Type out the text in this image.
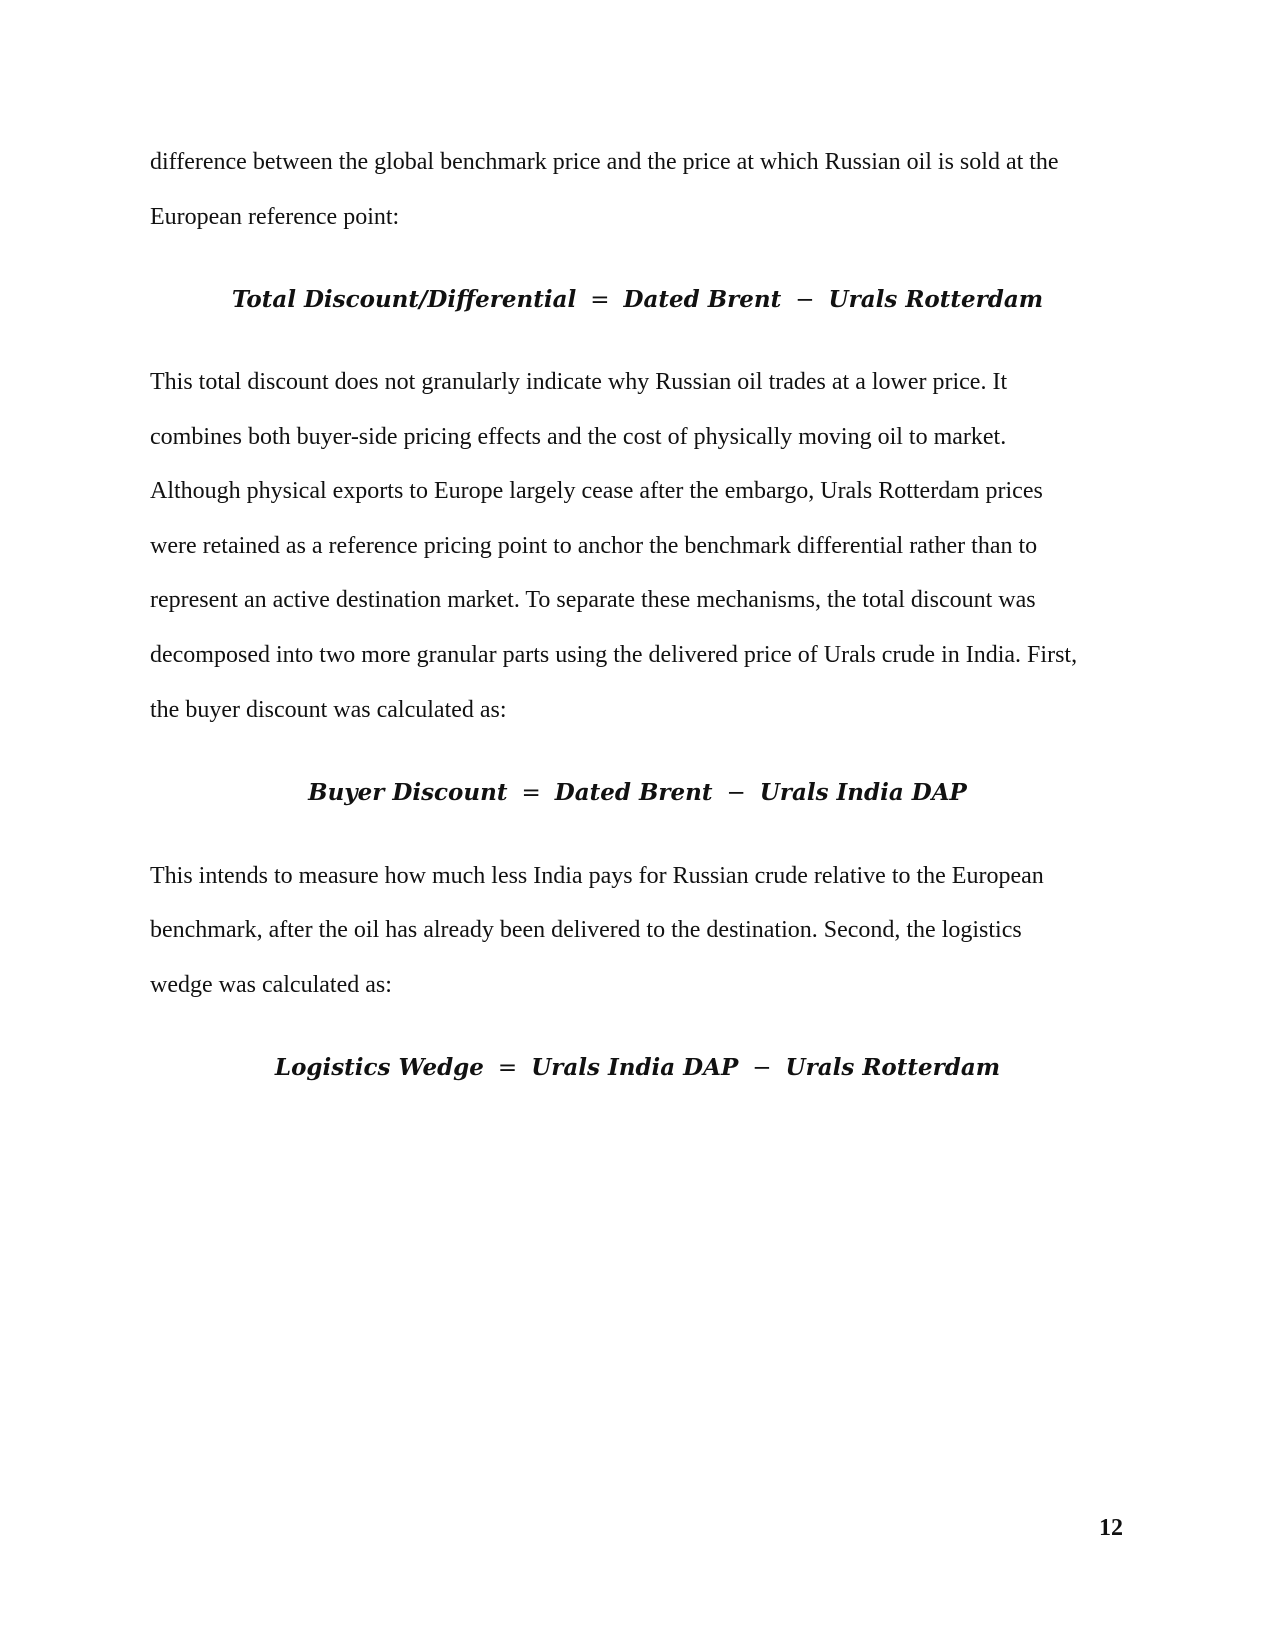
difference between the global benchmark price and the price at which Russian oil is sold at the
European reference point:
Total Discount/Differential = Dated Brent − Urals Rotterdam
This total discount does not granularly indicate why Russian oil trades at a lower price. It
combines both buyer-side pricing effects and the cost of physically moving oil to market.
Although physical exports to Europe largely cease after the embargo, Urals Rotterdam prices
were retained as a reference pricing point to anchor the benchmark differential rather than to
represent an active destination market. To separate these mechanisms, the total discount was
decomposed into two more granular parts using the delivered price of Urals crude in India. First,
the buyer discount was calculated as:
Buyer Discount = Dated Brent − Urals India DAP
This intends to measure how much less India pays for Russian crude relative to the European
benchmark, after the oil has already been delivered to the destination. Second, the logistics
wedge was calculated as:
Logistics Wedge = Urals India DAP − Urals Rotterdam
12
